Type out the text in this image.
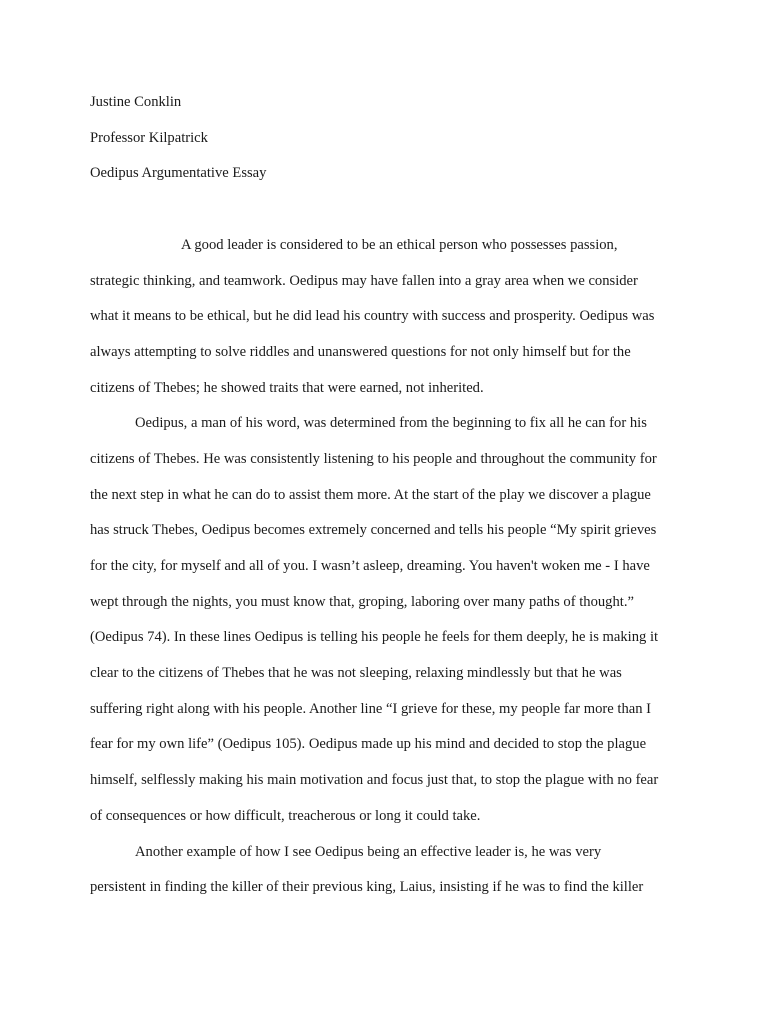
Justine Conklin
Professor Kilpatrick
Oedipus Argumentative Essay
A good leader is considered to be an ethical person who possesses passion,
strategic thinking, and teamwork. Oedipus may have fallen into a gray area when we consider
what it means to be ethical, but he did lead his country with success and prosperity. Oedipus was
always attempting to solve riddles and unanswered questions for not only himself but for the
citizens of Thebes; he showed traits that were earned, not inherited.
Oedipus, a man of his word, was determined from the beginning to fix all he can for his
citizens of Thebes. He was consistently listening to his people and throughout the community for
the next step in what he can do to assist them more. At the start of the play we discover a plague
has struck Thebes, Oedipus becomes extremely concerned and tells his people “My spirit grieves
for the city, for myself and all of you. I wasn’t asleep, dreaming. You haven't woken me - I have
wept through the nights, you must know that, groping, laboring over many paths of thought.”
(Oedipus 74). In these lines Oedipus is telling his people he feels for them deeply, he is making it
clear to the citizens of Thebes that he was not sleeping, relaxing mindlessly but that he was
suffering right along with his people. Another line “I grieve for these, my people far more than I
fear for my own life” (Oedipus 105). Oedipus made up his mind and decided to stop the plague
himself, selflessly making his main motivation and focus just that, to stop the plague with no fear
of consequences or how difficult, treacherous or long it could take.
Another example of how I see Oedipus being an effective leader is, he was very
persistent in finding the killer of their previous king, Laius, insisting if he was to find the killer
